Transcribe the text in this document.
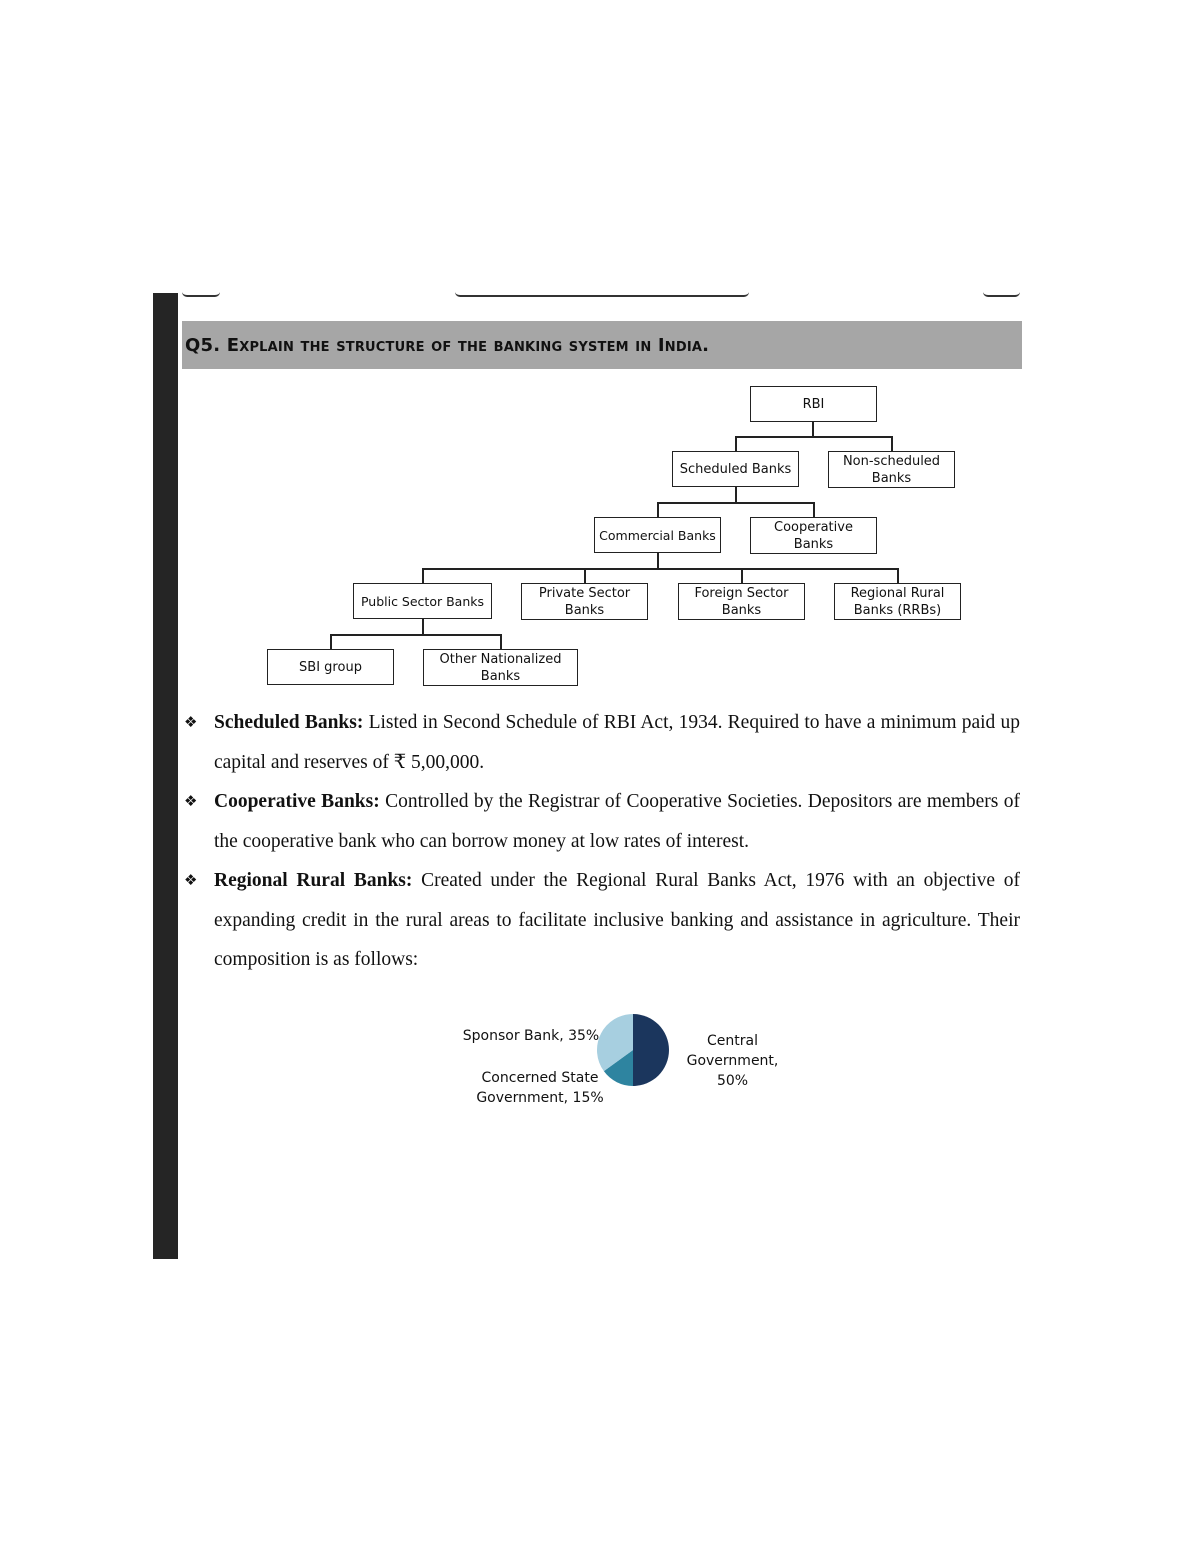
Q5. Explain the structure of the banking system in India.
RBI
Scheduled Banks
Non-scheduled Banks
Commercial Banks
Cooperative Banks
Public Sector Banks
Private Sector Banks
Foreign Sector Banks
Regional Rural Banks (RRBs)
SBI group
Other Nationalized Banks
❖ Scheduled Banks: Listed in Second Schedule of RBI Act, 1934. Required to have a minimum paid up capital and reserves of ₹ 5,00,000.
❖ Cooperative Banks: Controlled by the Registrar of Cooperative Societies. Depositors are members of the cooperative bank who can borrow money at low rates of interest.
❖ Regional Rural Banks: Created under the Regional Rural Banks Act, 1976 with an objective of expanding credit in the rural areas to facilitate inclusive banking and assistance in agriculture. Their composition is as follows:
Sponsor Bank, 35%	Central Government, 50%
Concerned State Government, 15%
